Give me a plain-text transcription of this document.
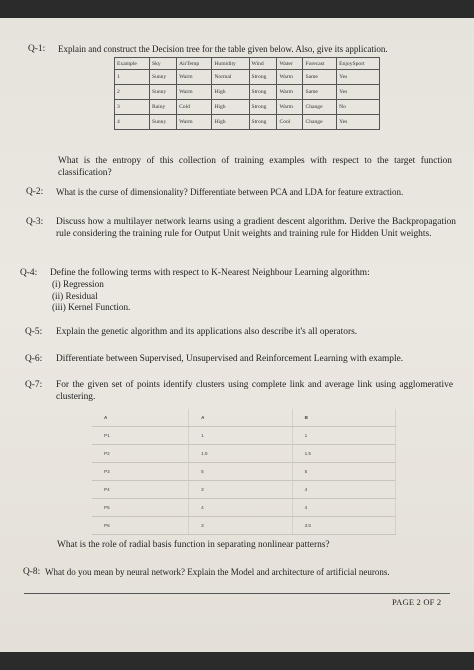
Q-1: Explain and construct the Decision tree for the table given below. Also, give its application.
Example	Sky	AirTemp	Humidity	Wind	Water	Forecast	EnjoySport
1	Sunny	Warm	Normal	Strong	Warm	Same	Yes
2	Sunny	Warm	High	Strong	Warm	Same	Yes
3	Rainy	Cold	High	Strong	Warm	Change	No
4	Sunny	Warm	High	Strong	Cool	Change	Yes
What is the entropy of this collection of training examples with respect to the target function classification?
Q-2: What is the curse of dimensionality? Differentiate between PCA and LDA for feature extraction.
Q-3: Discuss how a multilayer network learns using a gradient descent algorithm. Derive the Backpropagation rule considering the training rule for Output Unit weights and training rule for Hidden Unit weights.
Q-4: Define the following terms with respect to K-Nearest Neighbour Learning algorithm:
(i) Regression
(ii) Residual
(iii) Kernel Function.
Q-5: Explain the genetic algorithm and its applications also describe it's all operators.
Q-6: Differentiate between Supervised, Unsupervised and Reinforcement Learning with example.
Q-7: For the given set of points identify clusters using complete link and average link using agglomerative clustering.
A	A	B
P1	1	1
P2	1.5	1.5
P3	5	5
P4	3	4
P5	4	4
P6	3	3.5
What is the role of radial basis function in separating nonlinear patterns?
Q-8: What do you mean by neural network? Explain the Model and architecture of artificial neurons.
PAGE 2 OF 2
